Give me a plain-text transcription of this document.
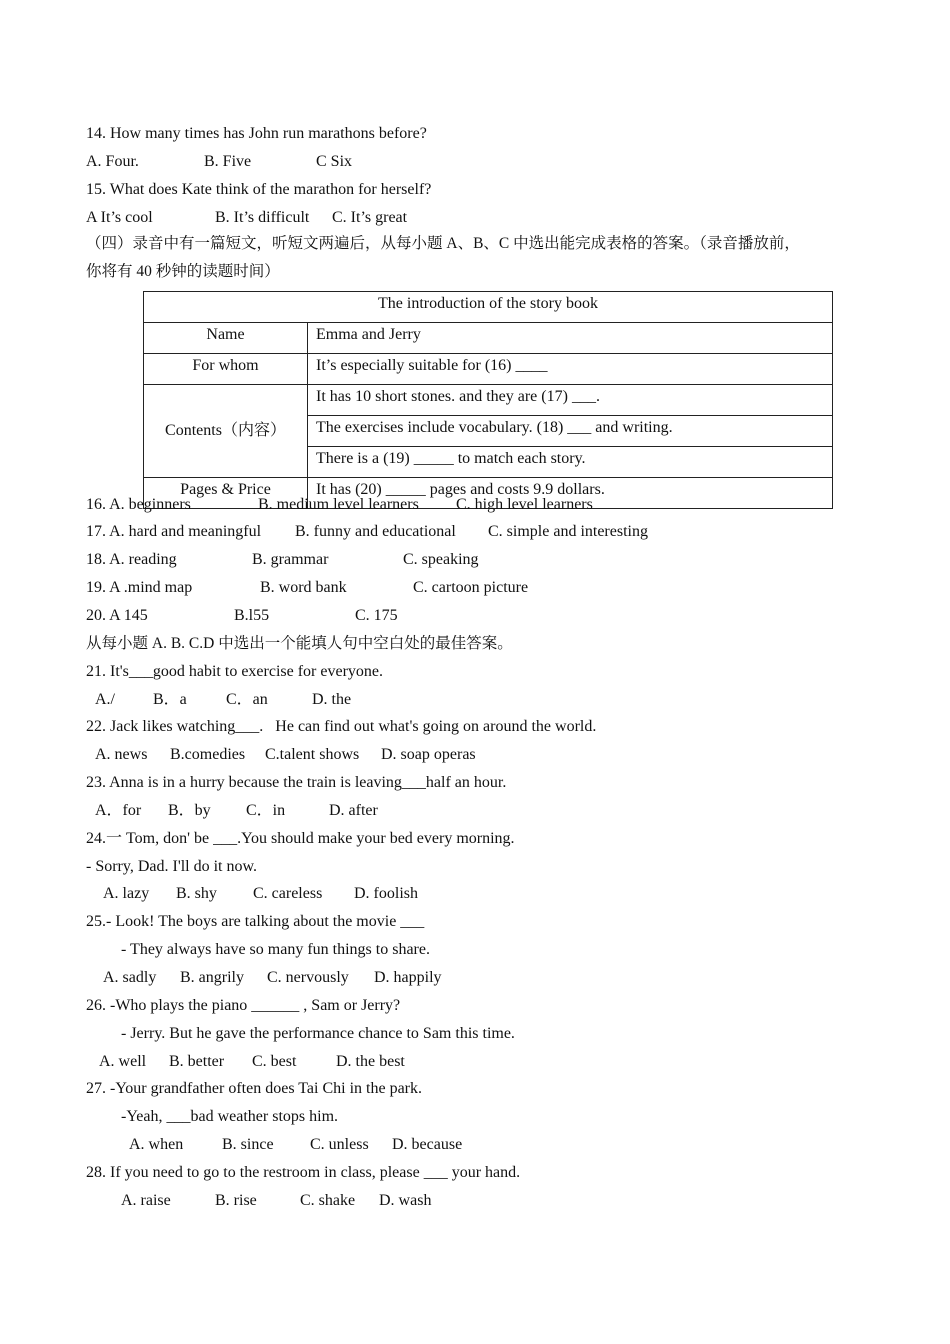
14. How many times has John run marathons before?
A. Four.	B. Five	C Six
15. What does Kate think of the marathon for herself?
A It’s cool	B. It’s difficult C. It’s great
（四）录音中有一篇短文，听短文两遍后，从每小题 A、B、C 中选出能完成表格的答案。（录音播放前，
你将有 40 秒钟的读题时间）
The introduction of the story book	
Name	Emma and Jerry
For whom	It’s especially suitable for (16) ____
Contents（内容）	It has 10 short stones. and they are (17) ___.
	The exercises include vocabulary. (18) ___ and writing.
	There is a (19) _____ to match each story.
Pages & Price	It has (20) _____ pages and costs 9.9 dollars.
16. A. beginners	B. medium level learners C. high level learners
17. A. hard and meaningful B. funny and educational C. simple and interesting
18. A. reading	B. grammar	C. speaking
19. A .mind map	B. word bank	C. cartoon picture
20. A 145	B.l55	C. 175
从每小题 A. B. C.D 中选出一个能填人句中空白处的最佳答案。
21. It's___good habit to exercise for everyone.
A./ B．a C．an	D. the
22. Jack likes watching___.   He can find out what's going on around the world.
A. news B.comedies C.talent shows D. soap operas
23. Anna is in a hurry because the train is leaving___half an hour.
A．for B．by C．in	D. after
24.一 Tom, don' be ___.You should make your bed every morning.
- Sorry, Dad. I'll do it now.
A. lazy B. shy C. careless D. foolish
25.- Look! The boys are talking about the movie ___
- They always have so many fun things to share.
A. sadly B. angrily C. nervously D. happily
26. -Who plays the piano ______ , Sam or Jerry?
- Jerry. But he gave the performance chance to Sam this time.
A. well B. better C. best D. the best
27. -Your grandfather often does Tai Chi in the park.
-Yeah, ___bad weather stops him.
A. when B. since C. unless D. because
28. If you need to go to the restroom in class, please ___ your hand.
A. raise	B. rise	C. shake D. wash
